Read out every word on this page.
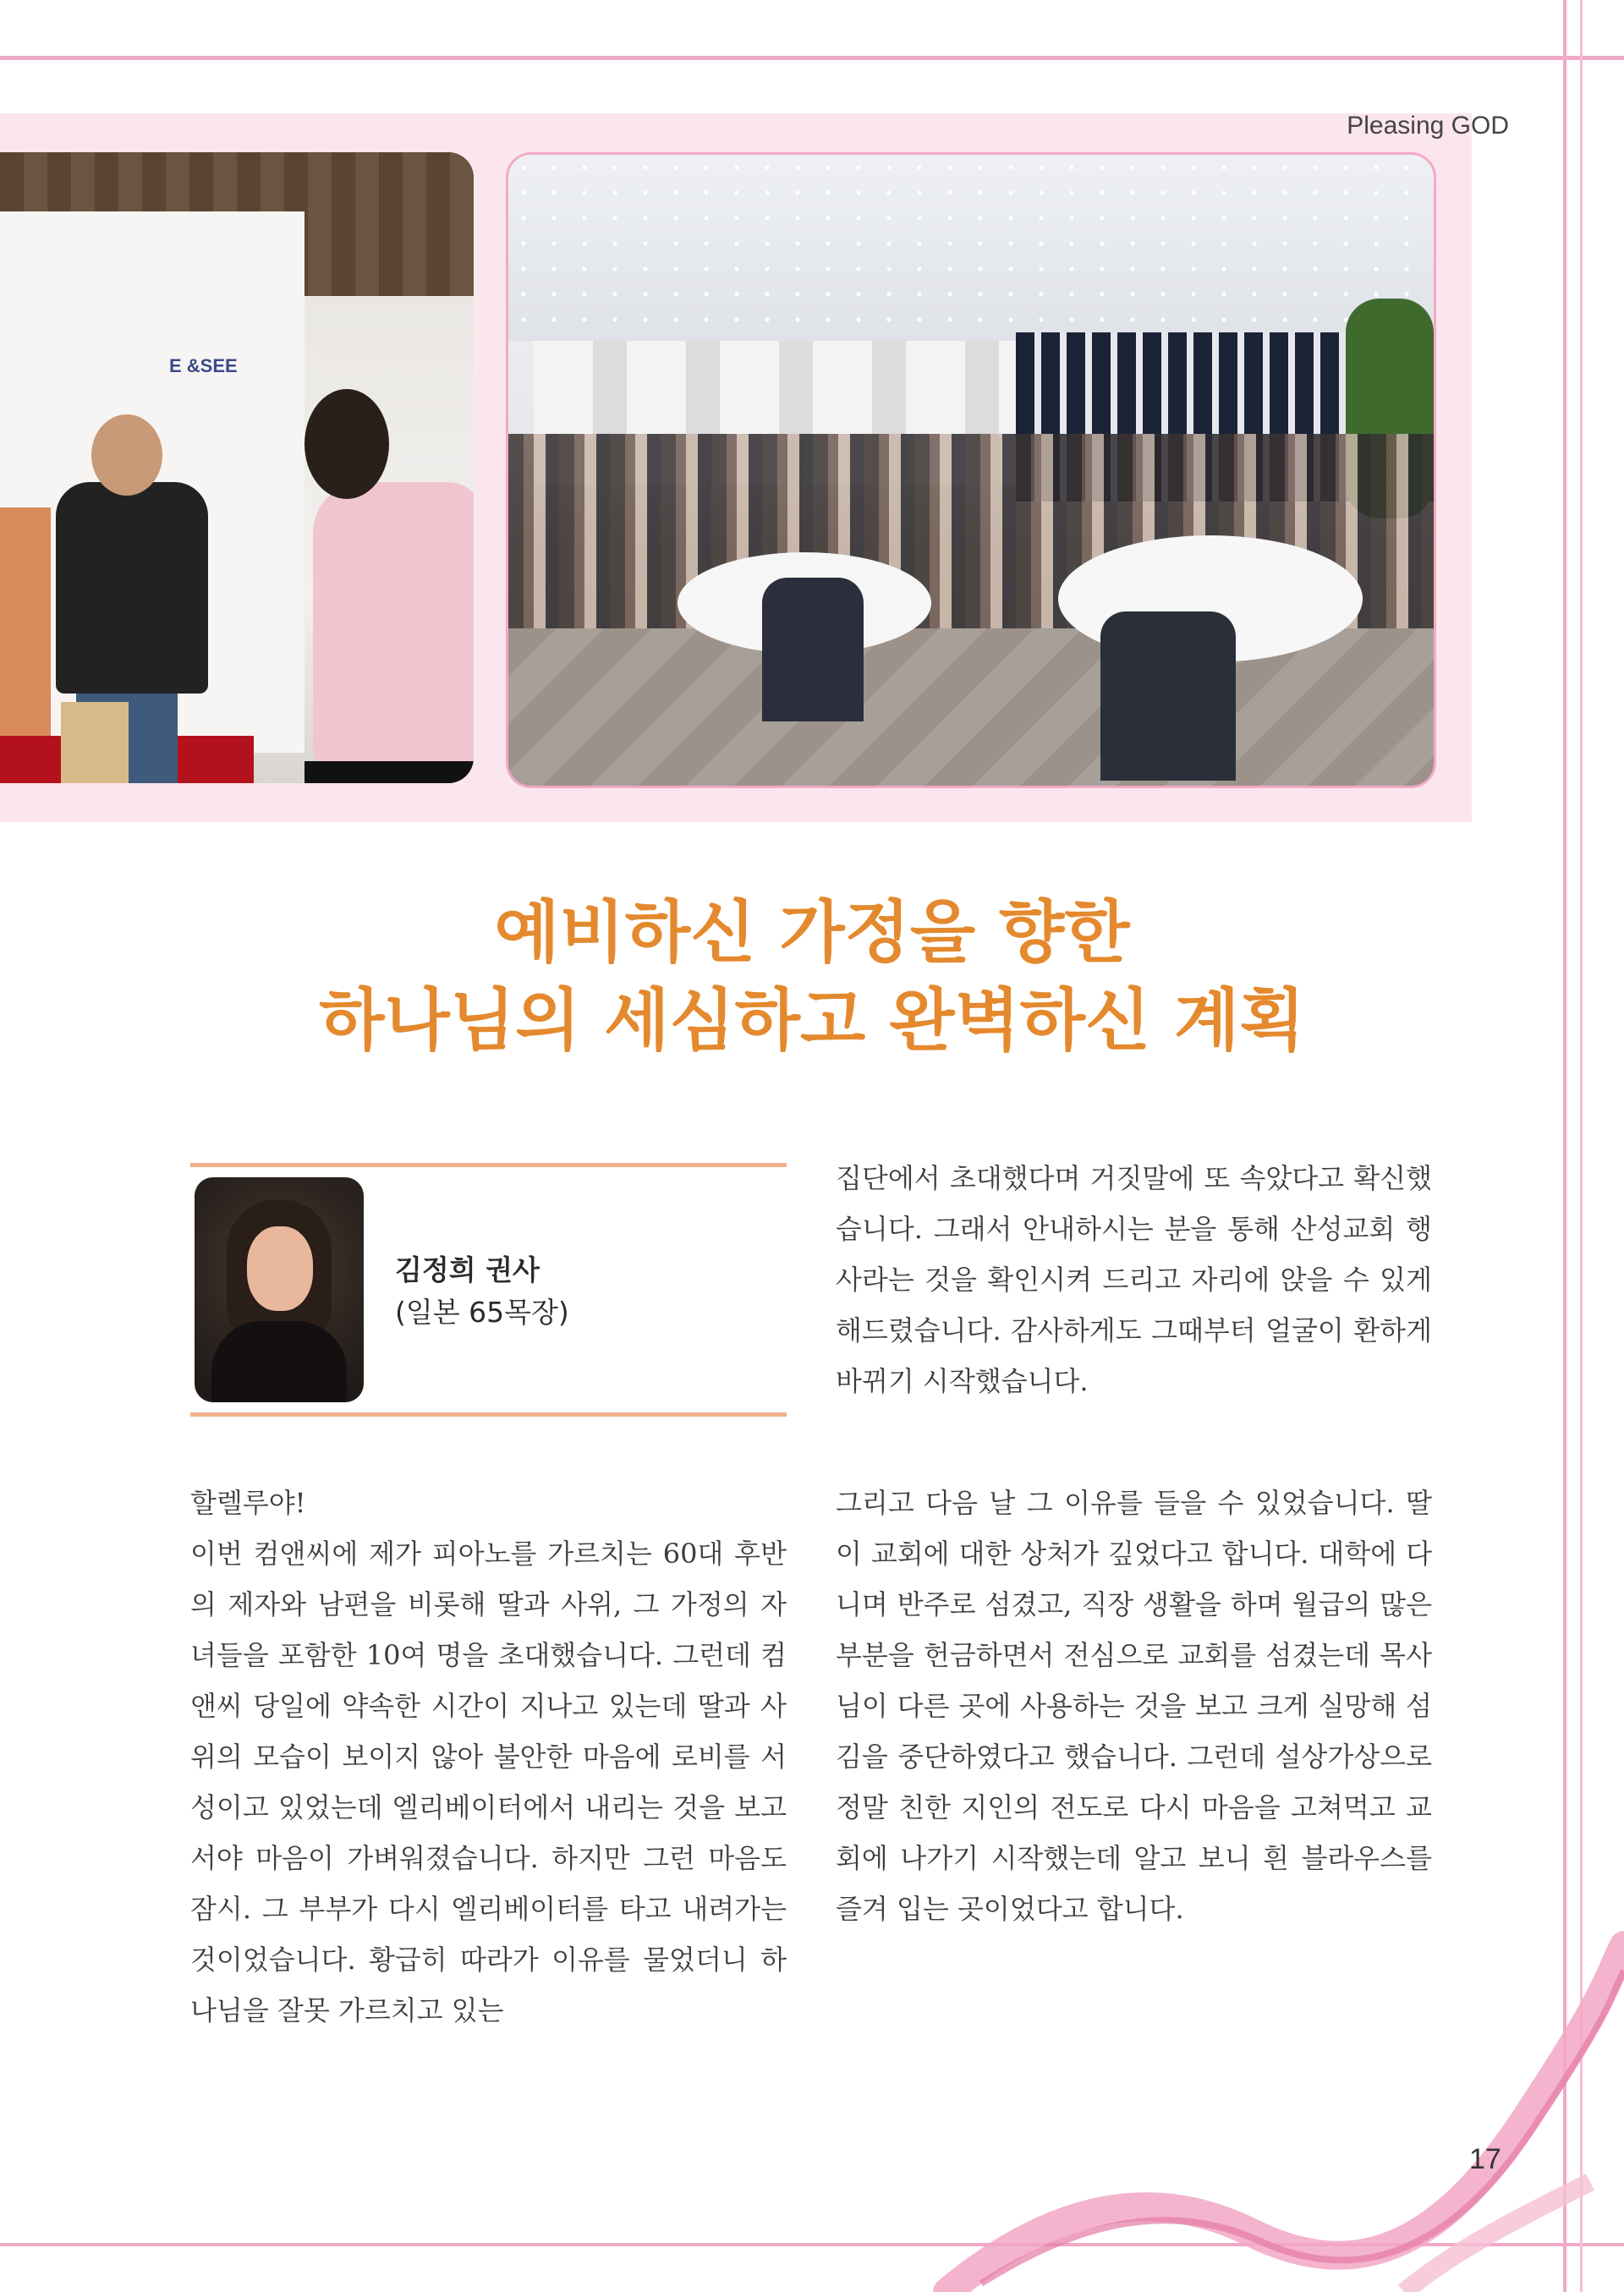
Pleasing GOD
E &SEE
예비하신 가정을 향한
하나님의 세심하고 완벽하신 계획
김정희 권사
(일본 65목장)

할렐루야!

이번 컴앤씨에 제가 피아노를 가르치는 60대 후반의 제자와 남편을 비롯해 딸과 사위, 그 가정의 자녀들을 포함한 10여 명을 초대했습니다. 그런데 컴앤씨 당일에 약속한 시간이 지나고 있는데 딸과 사위의 모습이 보이지 않아 불안한 마음에 로비를 서성이고 있었는데 엘리베이터에서 내리는 것을 보고서야 마음이 가벼워졌습니다. 하지만 그런 마음도 잠시. 그 부부가 다시 엘리베이터를 타고 내려가는 것이었습니다. 황급히 따라가 이유를 물었더니 하나님을 잘못 가르치고 있는

집단에서 초대했다며 거짓말에 또 속았다고 확신했습니다. 그래서 안내하시는 분을 통해 산성교회 행사라는 것을 확인시켜 드리고 자리에 앉을 수 있게 해드렸습니다. 감사하게도 그때부터 얼굴이 환하게 바뀌기 시작했습니다.

그리고 다음 날 그 이유를 들을 수 있었습니다. 딸이 교회에 대한 상처가 깊었다고 합니다. 대학에 다니며 반주로 섬겼고, 직장 생활을 하며 월급의 많은 부분을 헌금하면서 전심으로 교회를 섬겼는데 목사님이 다른 곳에 사용하는 것을 보고 크게 실망해 섬김을 중단하였다고 했습니다. 그런데 설상가상으로 정말 친한 지인의 전도로 다시 마음을 고쳐먹고 교회에 나가기 시작했는데 알고 보니 흰 블라우스를 즐겨 입는 곳이었다고 합니다.

17
